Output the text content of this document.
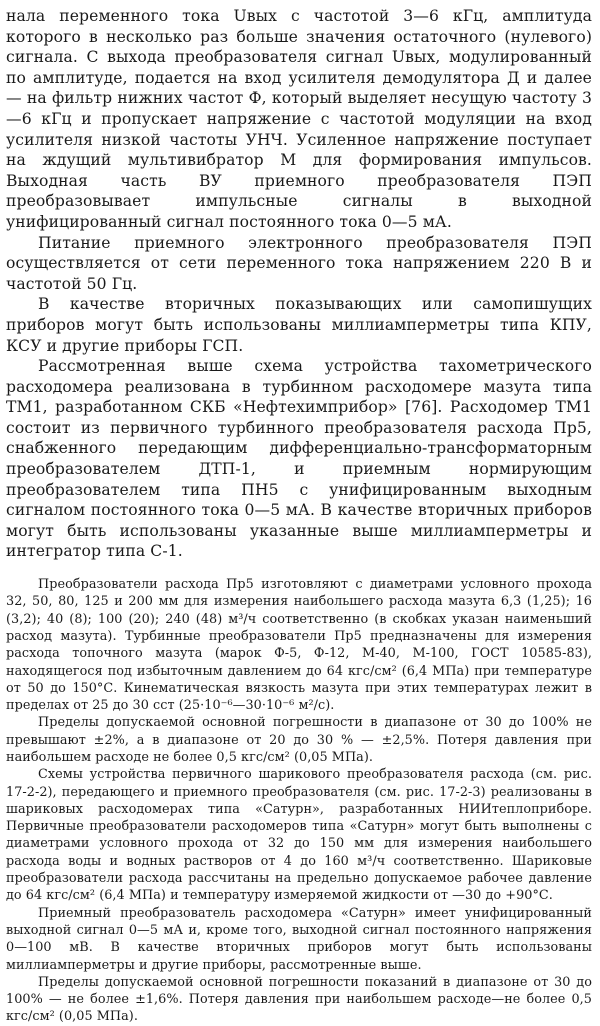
нала переменного тока Uвых с частотой 3—6 кГц, амплитуда которого в несколько раз больше значения остаточного (нулевого) сигнала. С выхода преобразователя сигнал Uвых, модулированный по амплитуде, подается на вход усилителя демодулятора Д и далее — на фильтр нижних частот Ф, который выделяет несущую частоту 3—6 кГц и пропускает напряжение с частотой модуляции на вход усилителя низкой частоты УНЧ. Усиленное напряжение поступает на ждущий мультивибратор М для формирования импульсов. Выходная часть ВУ приемного преобразователя ПЭП преобразовывает импульсные сигналы в выходной унифицированный сигнал постоянного тока 0—5 мА.

Питание приемного электронного преобразователя ПЭП осуществляется от сети переменного тока напряжением 220 В и частотой 50 Гц.

В качестве вторичных показывающих или самопишущих приборов могут быть использованы миллиамперметры типа КПУ, КСУ и другие приборы ГСП.

Рассмотренная выше схема устройства тахометрического расходомера реализована в турбинном расходомере мазута типа ТМ1, разработанном СКБ «Нефтехимприбор» [76]. Расходомер ТМ1 состоит из первичного турбинного преобразователя расхода Пр5, снабженного передающим дифференциально-трансформаторным преобразователем ДТП-1, и приемным нормирующим преобразователем типа ПН5 с унифицированным выходным сигналом постоянного тока 0—5 мА. В качестве вторичных приборов могут быть использованы указанные выше миллиамперметры и интегратор типа С-1.

Преобразователи расхода Пр5 изготовляют с диаметрами условного прохода 32, 50, 80, 125 и 200 мм для измерения наибольшего расхода мазута 6,3 (1,25); 16 (3,2); 40 (8); 100 (20); 240 (48) м³/ч соответственно (в скобках указан наименьший расход мазута). Турбинные преобразователи Пр5 предназначены для измерения расхода топочного мазута (марок Ф-5, Ф-12, М-40, М-100, ГОСТ 10585-83), находящегося под избыточным давлением до 64 кгс/см² (6,4 МПа) при температуре от 50 до 150°С. Кинематическая вязкость мазута при этих температурах лежит в пределах от 25 до 30 сст (25·10⁻⁶—30·10⁻⁶ м²/с).

Пределы допускаемой основной погрешности в диапазоне от 30 до 100% не превышают ±2%, а в диапазоне от 20 до 30 % — ±2,5%. Потеря давления при наибольшем расходе не более 0,5 кгс/см² (0,05 МПа).

Схемы устройства первичного шарикового преобразователя расхода (см. рис. 17-2-2), передающего и приемного преобразователя (см. рис. 17-2-3) реализованы в шариковых расходомерах типа «Сатурн», разработанных НИИтеплоприборе. Первичные преобразователи расходомеров типа «Сатурн» могут быть выполнены с диаметрами условного прохода от 32 до 150 мм для измерения наибольшего расхода воды и водных растворов от 4 до 160 м³/ч соответственно. Шариковые преобразователи расхода рассчитаны на предельно допускаемое рабочее давление до 64 кгс/см² (6,4 МПа) и температуру измеряемой жидкости от —30 до +90°С.

Приемный преобразователь расходомера «Сатурн» имеет унифицированный выходной сигнал 0—5 мА и, кроме того, выходной сигнал постоянного напряжения 0—100 мВ. В качестве вторичных приборов могут быть использованы миллиамперметры и другие приборы, рассмотренные выше.

Пределы допускаемой основной погрешности показаний в диапазоне от 30 до 100% — не более ±1,6%. Потеря давления при наибольшем расходе—не более 0,5 кгс/см² (0,05 МПа).
